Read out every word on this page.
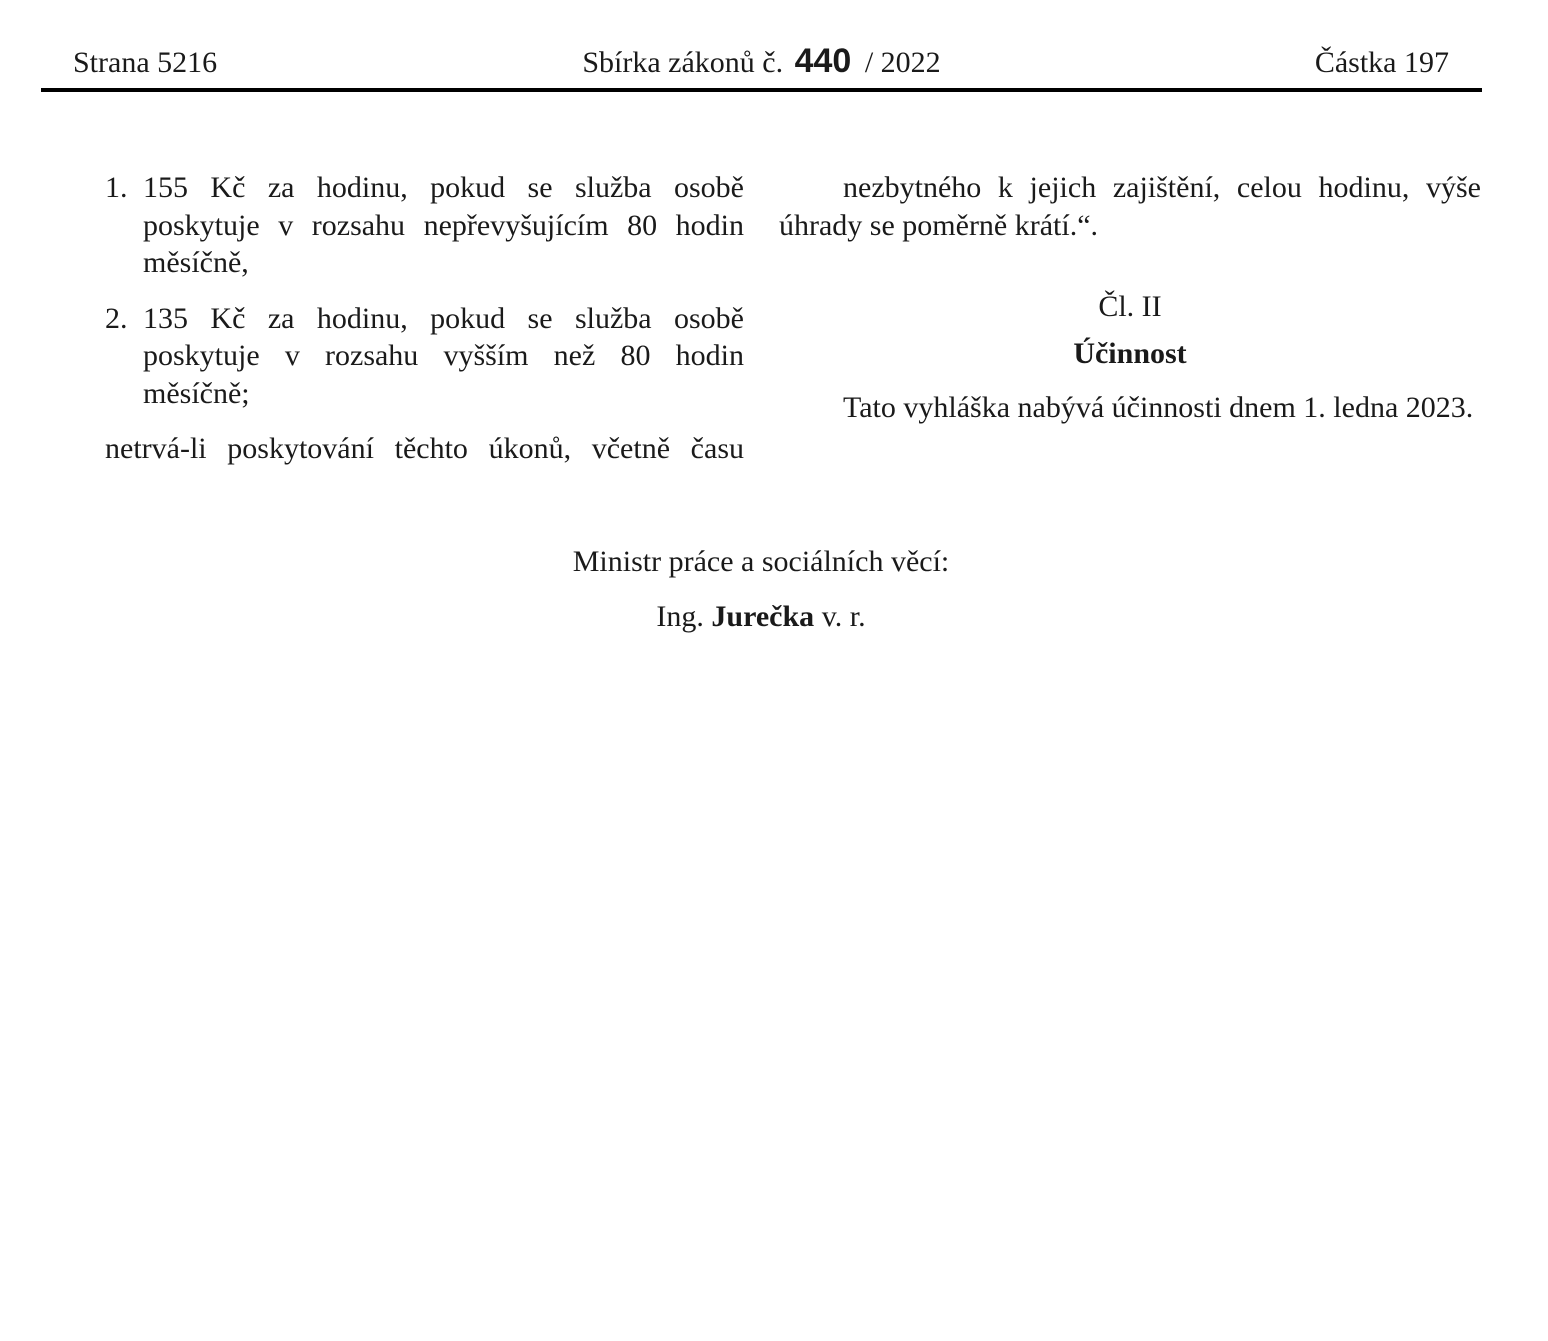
Strana 5216	Sbírka zákonů č. 440 / 2022	Částka 197
1. 155 Kč za hodinu, pokud se služba osobě poskytuje v rozsahu nepřevyšujícím 80 hodin měsíčně,
2. 135 Kč za hodinu, pokud se služba osobě poskytuje v rozsahu vyšším než 80 hodin měsíčně;
netrvá-li poskytování těchto úkonů, včetně času
nezbytného k jejich zajištění, celou hodinu, výše úhrady se poměrně krátí.“.
Čl. II
Účinnost
Tato vyhláška nabývá účinnosti dnem 1. ledna 2023.
Ministr práce a sociálních věcí:
Ing. Jurečka v. r.
